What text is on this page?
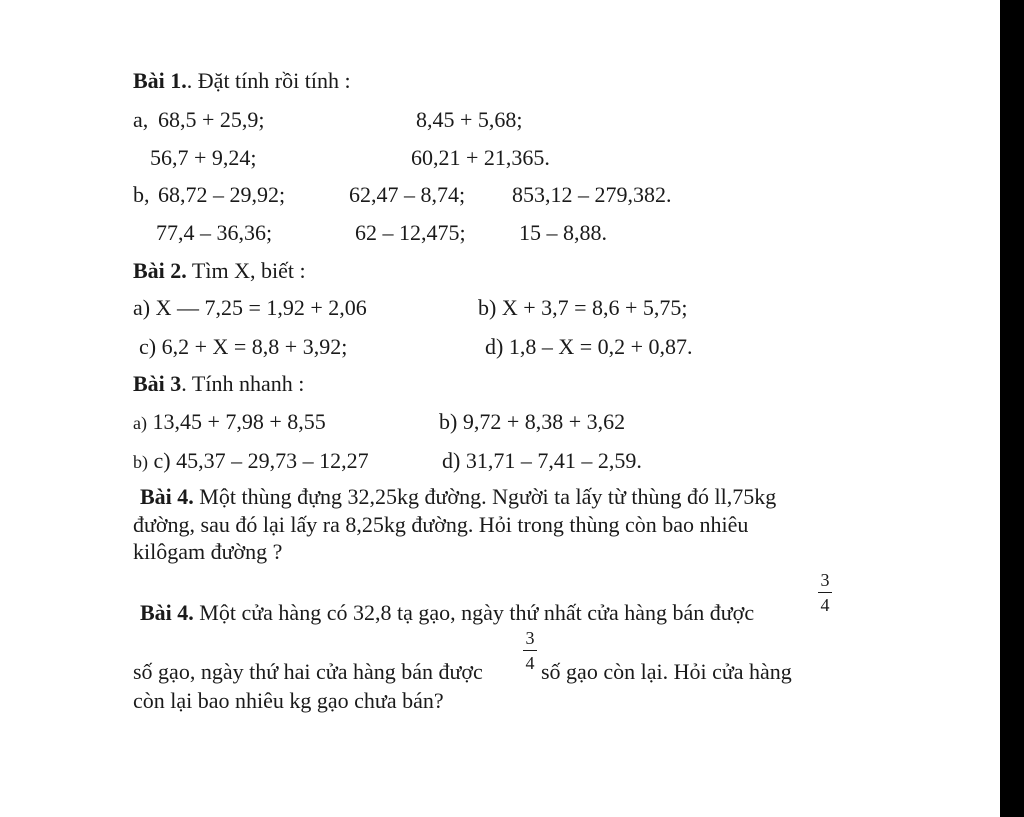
Bài 1.. Đặt tính rồi tính :
a, 68,5 + 25,9;	8,45 + 5,68;
56,7 + 9,24;	60,21 + 21,365.
b, 68,72 – 29,92;	62,47 – 8,74; 853,12 – 279,382.
77,4 – 36,36;	62 – 12,475; 15 – 8,88.
Bài 2. Tìm X, biết :
a) X — 7,25 = 1,92 + 2,06	b) X + 3,7 = 8,6 + 5,75;
c) 6,2 + X = 8,8 + 3,92;	d) 1,8 – X = 0,2 + 0,87.
Bài 3. Tính nhanh :
a) 13,45 + 7,98 + 8,55	b) 9,72 + 8,38 + 3,62
b) c) 45,37 – 29,73 – 12,27	d) 31,71 – 7,41 – 2,59.
Bài 4. Một thùng đựng 32,25kg đường. Người ta lấy từ thùng đó ll,75kg
đường, sau đó lại lấy ra 8,25kg đường. Hỏi trong thùng còn bao nhiêu
kilôgam đường ?
Bài 4. Một cửa hàng có 32,8 tạ gạo, ngày thứ nhất cửa hàng bán được
3
4
số gạo, ngày thứ hai cửa hàng bán được
3
4 số gạo còn lại. Hỏi cửa hàng
còn lại bao nhiêu kg gạo chưa bán?
